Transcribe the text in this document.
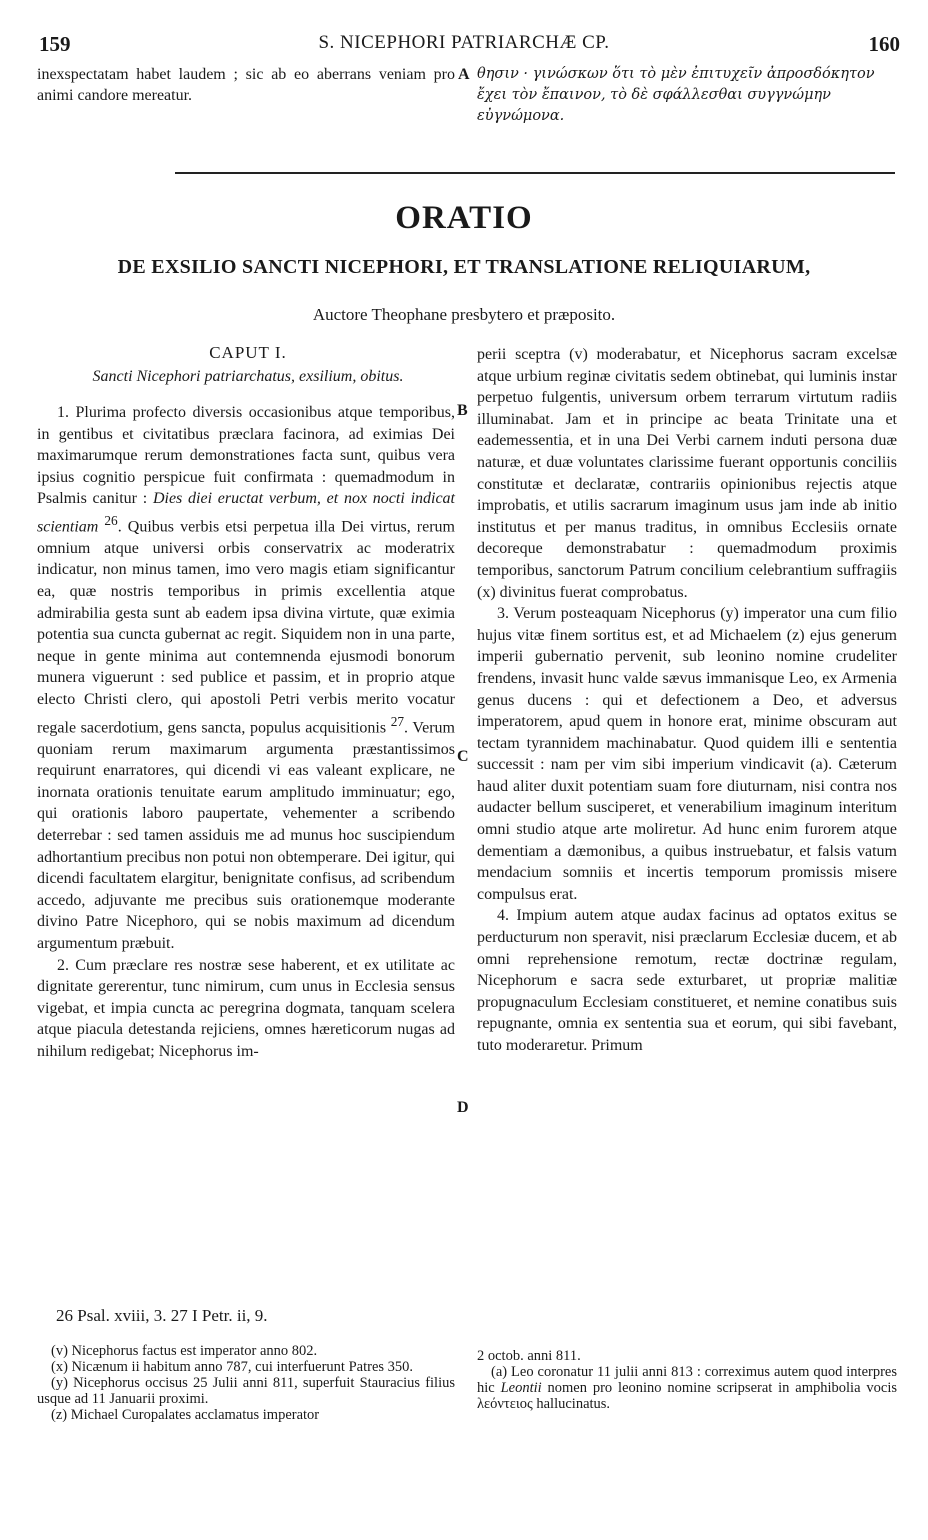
159	S. NICEPHORI PATRIARCHÆ CP.	160
inexspectatam habet laudem ; sic ab eo aberrans veniam pro animi candore mereatur.
θησιν · γινώσκων ὅτι τὸ μὲν ἐπιτυχεῖν ἀπροσδόκητον ἔχει τὸν ἔπαινον, τὸ δὲ σφάλλεσθαι συγγνώμην εὐγνώμονα.
A
ORATIO
DE EXSILIO SANCTI NICEPHORI, ET TRANSLATIONE RELIQUIARUM,
Auctore Theophane presbytero et præposito.
CAPUT I.
Sancti Nicephori patriarchatus, exsilium, obitus.

1. Plurima profecto diversis occasionibus atque temporibus, in gentibus et civitatibus præclara facinora, ad eximias Dei maximarumque rerum demonstrationes facta sunt, quibus vera ipsius cognitio perspicue fuit confirmata : quemadmodum in Psalmis canitur : Dies diei eructat verbum, et nox nocti indicat scientiam $^{26}$. Quibus verbis etsi perpetua illa Dei virtus, rerum omnium atque universi orbis conservatrix ac moderatrix indicatur, non minus tamen, imo vero magis etiam significantur ea, quæ nostris temporibus in primis excellentia atque admirabilia gesta sunt ab eadem ipsa divina virtute, quæ eximia potentia sua cuncta gubernat ac regit. Siquidem non in una parte, neque in gente minima aut contemnenda ejusmodi bonorum munera viguerunt : sed publice et passim, et in proprio atque electo Christi clero, qui apostoli Petri verbis merito vocatur regale sacerdotium, gens sancta, populus acquisitionis $^{27}$. Verum quoniam rerum maximarum argumenta præstantissimos requirunt enarratores, qui dicendi vi eas valeant explicare, ne inornata orationis tenuitate earum amplitudo imminuatur; ego, qui orationis laboro paupertate, vehementer a scribendo deterrebar : sed tamen assiduis me ad munus hoc suscipiendum adhortantium precibus non potui non obtemperare. Dei igitur, qui dicendi facultatem elargitur, benignitate confisus, ad scribendum accedo, adjuvante me precibus suis orationemque moderante divino Patre Nicephoro, qui se nobis maximum ad dicendum argumentum præbuit.

2. Cum præclare res nostræ sese haberent, et ex utilitate ac dignitate gererentur, tunc nimirum, cum unus in Ecclesia sensus vigebat, et impia cuncta ac peregrina dogmata, tanquam scelera atque piacula detestanda rejiciens, omnes hæreticorum nugas ad nihilum redigebat; Nicephorus im-

B
C
D

perii sceptra (v) moderabatur, et Nicephorus sacram excelsæ atque urbium reginæ civitatis sedem obtinebat, qui luminis instar perpetuo fulgentis, universum orbem terrarum virtutum radiis illuminabat. Jam et in principe ac beata Trinitate una et eademessentia, et in una Dei Verbi carnem induti persona duæ naturæ, et duæ voluntates clarissime fuerant opportunis conciliis constitutæ et declaratæ, contrariis opinionibus rejectis atque improbatis, et utilis sacrarum imaginum usus jam inde ab initio institutus et per manus traditus, in omnibus Ecclesiis ornate decoreque demonstrabatur : quemadmodum proximis temporibus, sanctorum Patrum concilium celebrantium suffragiis (x) divinitus fuerat comprobatus.

3. Verum posteaquam Nicephorus (y) imperator una cum filio hujus vitæ finem sortitus est, et ad Michaelem (z) ejus generum imperii gubernatio pervenit, sub leonino nomine crudeliter frendens, invasit hunc valde sævus immanisque Leo, ex Armenia genus ducens : qui et defectionem a Deo, et adversus imperatorem, apud quem in honore erat, minime obscuram aut tectam tyrannidem machinabatur. Quod quidem illi e sententia successit : nam per vim sibi imperium vindicavit (a). Cæterum haud aliter duxit potentiam suam fore diuturnam, nisi contra nos audacter bellum susciperet, et venerabilium imaginum interitum omni studio atque arte moliretur. Ad hunc enim furorem atque dementiam a dæmonibus, a quibus instruebatur, et falsis vatum mendacium somniis et incertis temporum promissis misere compulsus erat.

4. Impium autem atque audax facinus ad optatos exitus se perducturum non speravit, nisi præclarum Ecclesiæ ducem, et ab omni reprehensione remotum, rectæ doctrinæ regulam, Nicephorum e sacra sede exturbaret, ut propriæ malitiæ propugnaculum Ecclesiam constitueret, et nemine conatibus suis repugnante, omnia ex sententia sua et eorum, qui sibi favebant, tuto moderaretur. Primum

26 Psal. xviii, 3. 27 I Petr. ii, 9.

(v) Nicephorus factus est imperator anno 802.

(x) Nicænum ii habitum anno 787, cui interfuerunt Patres 350.

(y) Nicephorus occisus 25 Julii anni 811, superfuit Stauracius filius usque ad 11 Januarii proximi.

(z) Michael Curopalates acclamatus imperator

2 octob. anni 811.

(a) Leo coronatur 11 julii anni 813 : correximus autem quod interpres hic Leontii nomen pro leonino nomine scripserat in amphibolia vocis λεόντειος hallucinatus.
